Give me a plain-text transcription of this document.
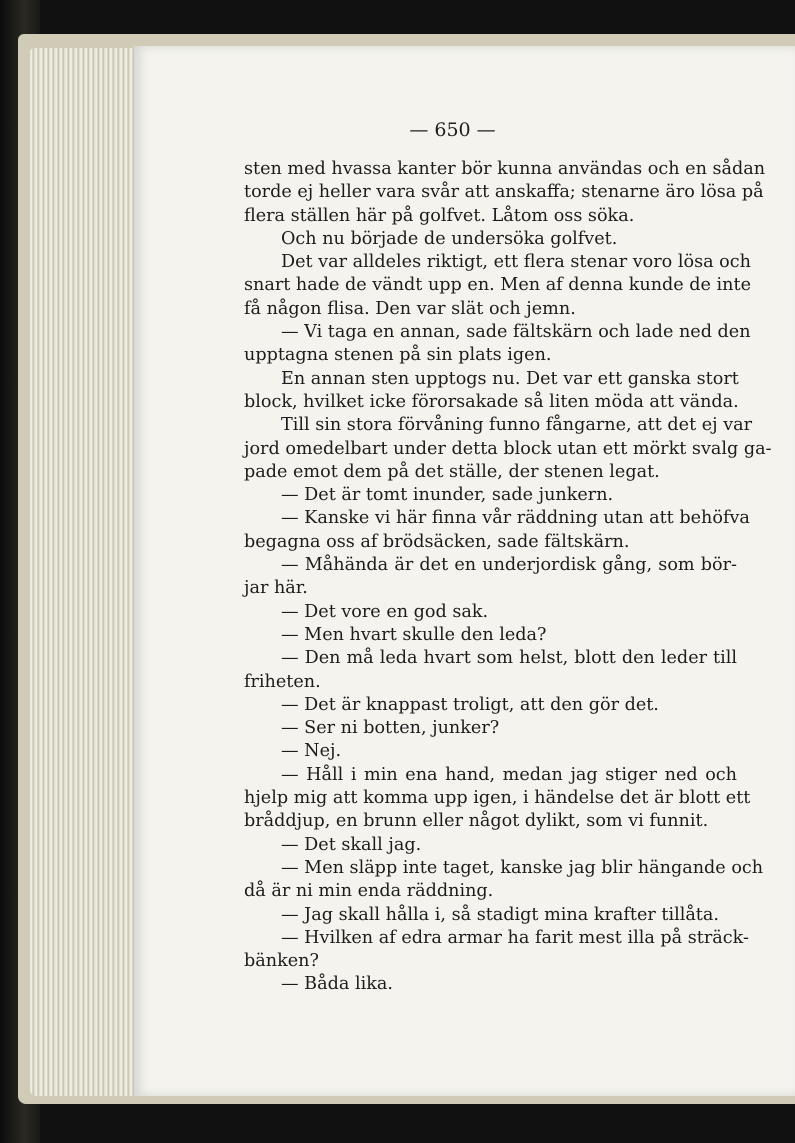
— 650 —
sten med hvassa kanter bör kunna användas och en sådan
torde ej heller vara svår att anskaffa; stenarne äro lösa på
flera ställen här på golfvet. Låtom oss söka.
Och nu började de undersöka golfvet.
Det var alldeles riktigt, ett flera stenar voro lösa och
snart hade de vändt upp en. Men af denna kunde de inte
få någon flisa. Den var slät och jemn.
— Vi taga en annan, sade fältskärn och lade ned den
upptagna stenen på sin plats igen.
En annan sten upptogs nu. Det var ett ganska stort
block, hvilket icke förorsakade så liten möda att vända.
Till sin stora förvåning funno fångarne, att det ej var
jord omedelbart under detta block utan ett mörkt svalg ga-
pade emot dem på det ställe, der stenen legat.
— Det är tomt inunder, sade junkern.
— Kanske vi här finna vår räddning utan att behöfva
begagna oss af brödsäcken, sade fältskärn.
— Måhända är det en underjordisk gång, som bör-
jar här.
— Det vore en god sak.
— Men hvart skulle den leda?
— Den må leda hvart som helst, blott den leder till
friheten.
— Det är knappast troligt, att den gör det.
— Ser ni botten, junker?
— Nej.
— Håll i min ena hand, medan jag stiger ned och
hjelp mig att komma upp igen, i händelse det är blott ett
bråddjup, en brunn eller något dylikt, som vi funnit.
— Det skall jag.
— Men släpp inte taget, kanske jag blir hängande och
då är ni min enda räddning.
— Jag skall hålla i, så stadigt mina krafter tillåta.
— Hvilken af edra armar ha farit mest illa på sträck-
bänken?
— Båda lika.
